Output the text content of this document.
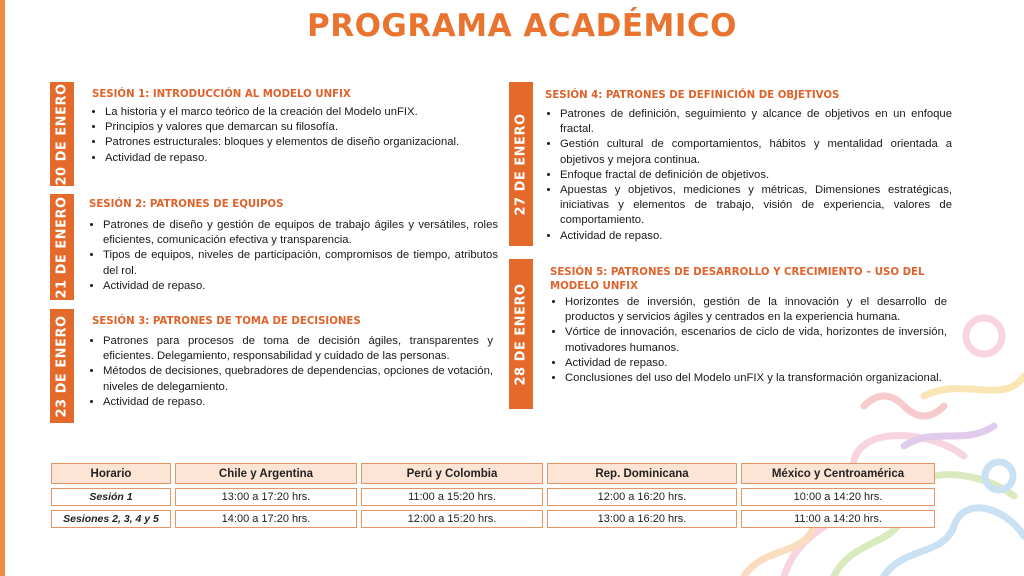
PROGRAMA ACADÉMICO
20 DE ENERO SESIÓN 1: INTRODUCCIÓN AL MODELO UNFIX
• La historia y el marco teórico de la creación del Modelo unFIX.
• Principios y valores que demarcan su filosofía.
• Patrones estructurales: bloques y elementos de diseño organizacional.
• Actividad de repaso.
21 DE ENERO SESIÓN 2: PATRONES DE EQUIPOS
• Patrones de diseño y gestión de equipos de trabajo ágiles y versátiles, roles eficientes, comunicación efectiva y transparencia.
• Tipos de equipos, niveles de participación, compromisos de tiempo, atributos del rol.
• Actividad de repaso.
23 DE ENERO SESIÓN 3: PATRONES DE TOMA DE DECISIONES
• Patrones para procesos de toma de decisión ágiles, transparentes y eficientes. Delegamiento, responsabilidad y cuidado de las personas.
• Métodos de decisiones, quebradores de dependencias, opciones de votación, niveles de delegamiento.
• Actividad de repaso.
27 DE ENERO
SESIÓN 4: PATRONES DE DEFINICIÓN DE OBJETIVOS
• Patrones de definición, seguimiento y alcance de objetivos en un enfoque fractal.
• Gestión cultural de comportamientos, hábitos y mentalidad orientada a objetivos y mejora continua.
• Enfoque fractal de definición de objetivos.
• Apuestas y objetivos, mediciones y métricas, Dimensiones estratégicas, iniciativas y elementos de trabajo, visión de experiencia, valores de comportamiento.
• Actividad de repaso.
28 DE ENERO
SESIÓN 5: PATRONES DE DESARROLLO Y CRECIMIENTO – USO DEL MODELO UNFIX
• Horizontes de inversión, gestión de la innovación y el desarrollo de productos y servicios ágiles y centrados en la experiencia humana.
• Vórtice de innovación, escenarios de ciclo de vida, horizontes de inversión, motivadores humanos.
• Actividad de repaso.
• Conclusiones del uso del Modelo unFIX y la transformación organizacional.
Horario	Chile y Argentina	Perú y Colombia	Rep. Dominicana	México y Centroamérica

Sesión 1	13:00 a 17:20 hrs.	11:00 a 15:20 hrs.	12:00 a 16:20 hrs.	10:00 a 14:20 hrs.

Sesiones 2, 3, 4 y 5	14:00 a 17:20 hrs.	12:00 a 15:20 hrs.	13:00 a 16:20 hrs.	11:00 a 14:20 hrs.
